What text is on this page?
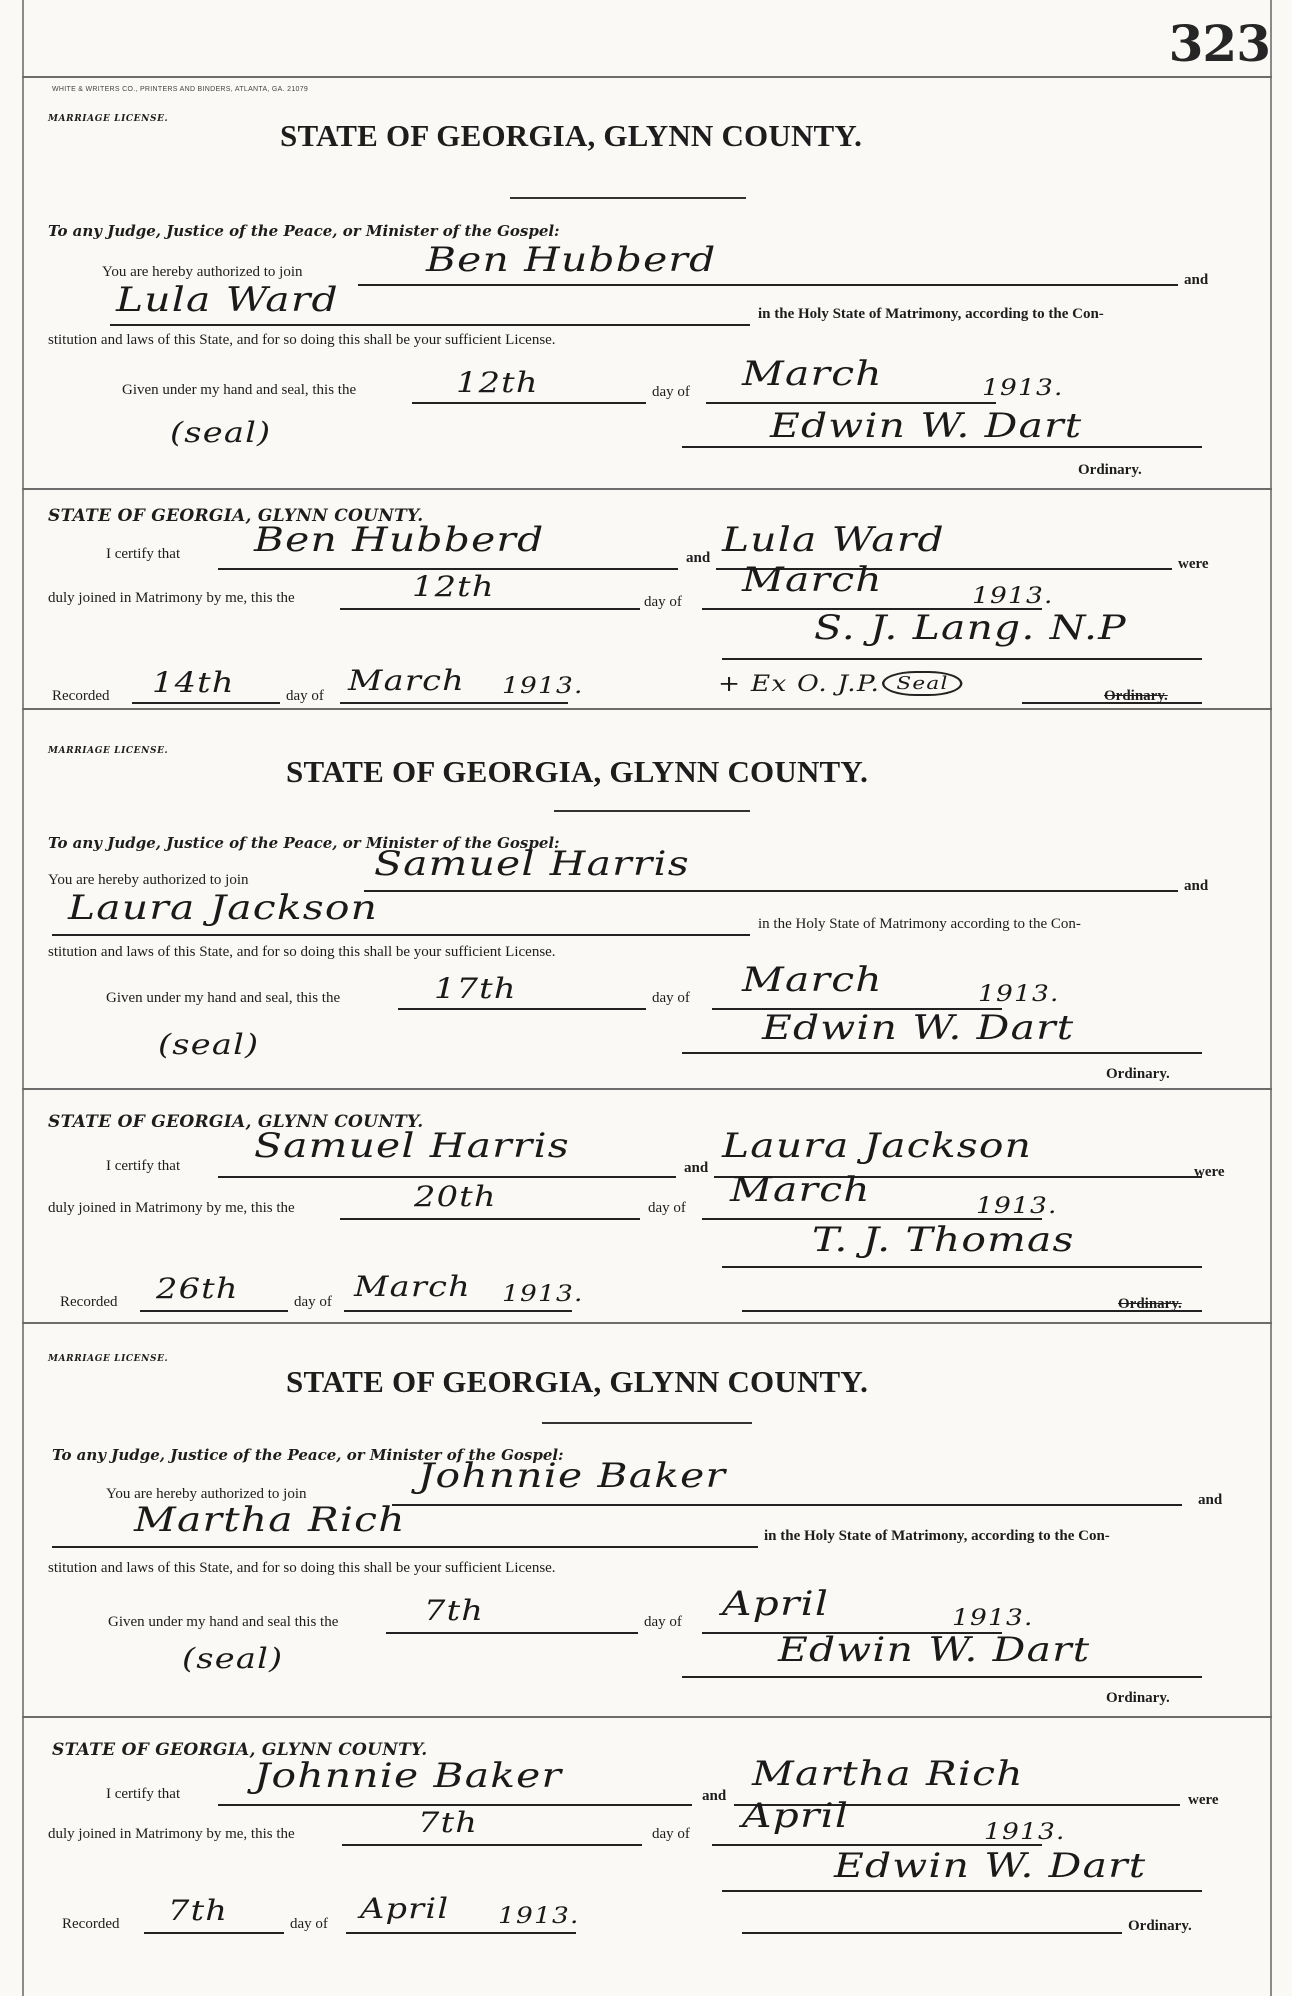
323
WHITE & WRITERS CO., PRINTERS AND BINDERS, ATLANTA, GA. 21079
MARRIAGE LICENSE.	STATE OF GEORGIA, GLYNN COUNTY.
To any Judge, Justice of the Peace, or Minister of the Gospel:
You are hereby authorized to join	Ben Hubberd	and
Lula Ward	in the Holy State of Matrimony, according to the Con-
stitution and laws of this State, and for so doing this shall be your sufficient License.
Given under my hand and seal, this the	12th	day of March	1913.
(seal)	Edwin W. Dart
Ordinary.
STATE OF GEORGIA, GLYNN COUNTY.
I certify that Ben Hubberd	and Lula Ward
were
duly joined in Matrimony by me, this the	12th	day of
March	1913.
S. J. Lang. N.P
Recorded 14th	day of March 1913.	+ Ex O. J.P. Seal
Ordinary.
MARRIAGE LICENSE.
STATE OF GEORGIA, GLYNN COUNTY.
To any Judge, Justice of the Peace, or Minister of the Gospel:
You are hereby authorized to join	Samuel Harris
and
Laura Jackson	in the Holy State of Matrimony according to the Con-
stitution and laws of this State, and for so doing this shall be your sufficient License.
Given under my hand and seal, this the	17th	day of March	1913.
(seal)	Edwin W. Dart
Ordinary.
STATE OF GEORGIA, GLYNN COUNTY.
I certify that Samuel Harris
and
Laura Jackson
were
duly joined in Matrimony by me, this the	20th	day of March	1913.
T. J. Thomas
Recorded 26th	day of March 1913.	Ordinary.
MARRIAGE LICENSE.
STATE OF GEORGIA, GLYNN COUNTY.
To any Judge, Justice of the Peace, or Minister of the Gospel:
You are hereby authorized to join	Johnnie Baker
and
Martha Rich	in the Holy State of Matrimony, according to the Con-
stitution and laws of this State, and for so doing this shall be your sufficient License.
Given under my hand and seal this the	7th	day of April	1913.
(seal)	Edwin W. Dart
Ordinary.
STATE OF GEORGIA, GLYNN COUNTY.
I certify that Johnnie Baker	and
Martha Rich
were
duly joined in Matrimony by me, this the	7th	day of April	1913.
Edwin W. Dart
Recorded 7th	day of April 1913.	Ordinary.
